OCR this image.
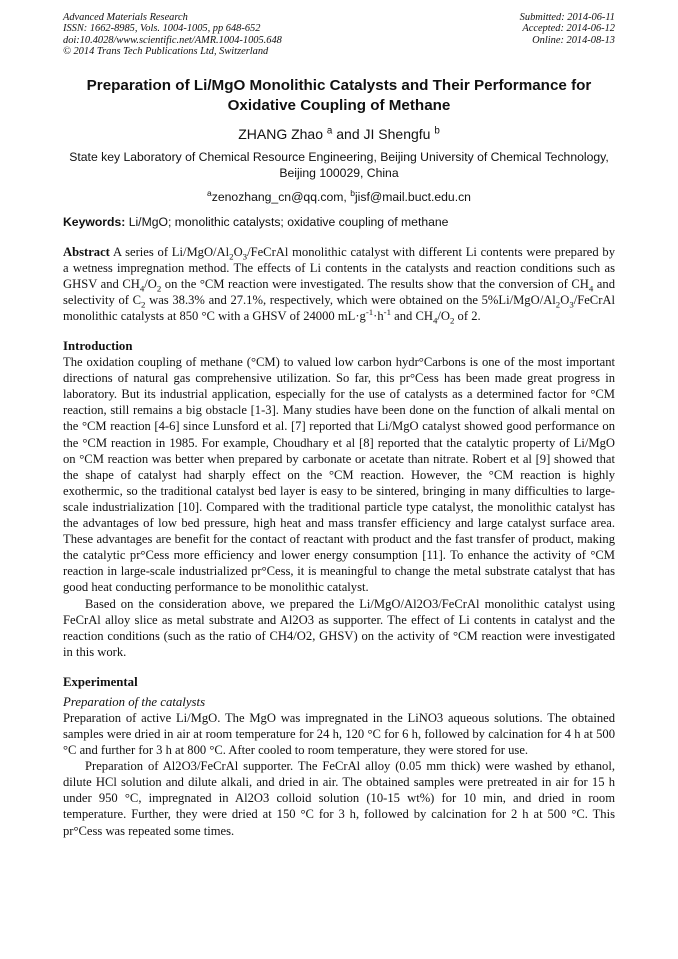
Advanced Materials Research
ISSN: 1662-8985, Vols. 1004-1005, pp 648-652
doi:10.4028/www.scientific.net/AMR.1004-1005.648
© 2014 Trans Tech Publications Ltd, Switzerland
Submitted: 2014-06-11
Accepted: 2014-06-12
Online: 2014-08-13
Preparation of Li/MgO Monolithic Catalysts and Their Performance for Oxidative Coupling of Methane
ZHANG Zhao $^a$ and JI Shengfu $^b$
State key Laboratory of Chemical Resource Engineering, Beijing University of Chemical Technology, Beijing 100029, China
$^a$zenozhang_cn@qq.com, $^b$jisf@mail.buct.edu.cn
Keywords: Li/MgO; monolithic catalysts; oxidative coupling of methane
Abstract A series of $Li/MgO/Al_2O_3$/FeCrAl monolithic catalyst with different Li contents were prepared by a wetness impregnation method. The effects of Li contents in the catalysts and reaction conditions such as GHSV and $CH_4/O_2$ on the °CM reaction were investigated. The results show that the conversion of $CH_4$ and selectivity of $C_2$ was 38.3% and 27.1%, respectively, which were obtained on the $5\%Li/MgO/Al_2O_3$/FeCrAl monolithic catalysts at 850 °C with a GHSV of 24000 $mL\cdot g^{-1}\cdot h^{-1}$ and $CH_4/O_2$ of 2.
Introduction

The oxidation coupling of methane (°CM) to valued low carbon hydr°Carbons is one of the most important directions of natural gas comprehensive utilization. So far, this pr°Cess has been made great progress in laboratory. But its industrial application, especially for the use of catalysts as a determined factor for °CM reaction, still remains a big obstacle [1-3]. Many studies have been done on the function of alkali mental on the °CM reaction [4-6] since Lunsford et al. [7] reported that Li/MgO catalyst showed good performance on the °CM reaction in 1985. For example, Choudhary et al [8] reported that the catalytic property of Li/MgO on °CM reaction was better when prepared by carbonate or acetate than nitrate. Robert et al [9] showed that the shape of catalyst had sharply effect on the °CM reaction. However, the °CM reaction is highly exothermic, so the traditional catalyst bed layer is easy to be sintered, bringing in many difficulties to large-scale industrialization [10]. Compared with the traditional particle type catalyst, the monolithic catalyst has the advantages of low bed pressure, high heat and mass transfer efficiency and large catalyst surface area. These advantages are benefit for the contact of reactant with product and the fast transfer of product, making the catalytic pr°Cess more efficiency and lower energy consumption [11]. To enhance the activity of °CM reaction in large-scale industrialized pr°Cess, it is meaningful to change the metal substrate catalyst that has good heat conducting performance to be monolithic catalyst.

Based on the consideration above, we prepared the Li/MgO/Al2O3/FeCrAl monolithic catalyst using FeCrAl alloy slice as metal substrate and Al2O3 as supporter. The effect of Li contents in catalyst and the reaction conditions (such as the ratio of CH4/O2, GHSV) on the activity of °CM reaction were investigated in this work.

Experimental
Preparation of the catalysts

Preparation of active Li/MgO. The MgO was impregnated in the LiNO3 aqueous solutions. The obtained samples were dried in air at room temperature for 24 h, 120 °C for 6 h, followed by calcination for 4 h at 500 °C and further for 3 h at 800 °C. After cooled to room temperature, they were stored for use.

Preparation of Al2O3/FeCrAl supporter. The FeCrAl alloy (0.05 mm thick) were washed by ethanol, dilute HCl solution and dilute alkali, and dried in air. The obtained samples were pretreated in air for 15 h under 950 °C, impregnated in Al2O3 colloid solution (10-15 wt%) for 10 min, and dried in room temperature. Further, they were dried at 150 °C for 3 h, followed by calcination for 2 h at 500 °C. This pr°Cess was repeated some times.
